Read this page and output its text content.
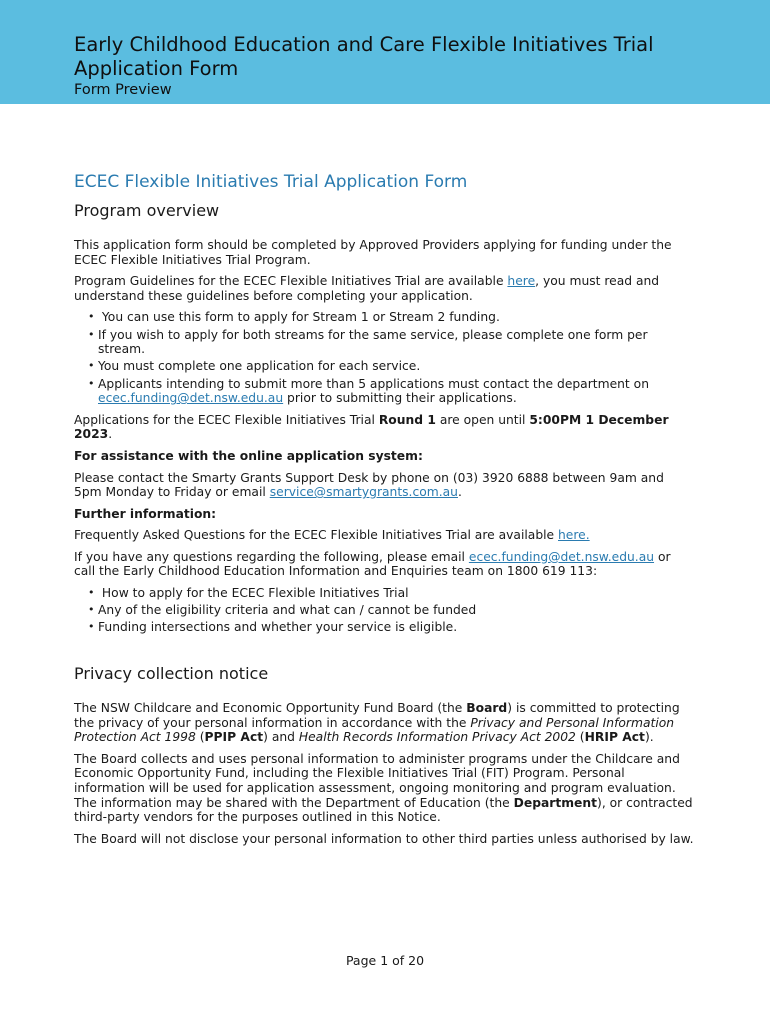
Early Childhood Education and Care Flexible Initiatives Trial Application Form
Form Preview
ECEC Flexible Initiatives Trial Application Form
Program overview

This application form should be completed by Approved Providers applying for funding under the ECEC Flexible Initiatives Trial Program.

Program Guidelines for the ECEC Flexible Initiatives Trial are available here, you must read and understand these guidelines before completing your application.

• You can use this form to apply for Stream 1 or Stream 2 funding.
• If you wish to apply for both streams for the same service, please complete one form per stream.
• You must complete one application for each service.
• Applicants intending to submit more than 5 applications must contact the department on ecec.funding@det.nsw.edu.au prior to submitting their applications.

Applications for the ECEC Flexible Initiatives Trial Round 1 are open until 5:00PM 1 December 2023.

For assistance with the online application system:

Please contact the Smarty Grants Support Desk by phone on (03) 3920 6888 between 9am and 5pm Monday to Friday or email service@smartygrants.com.au.

Further information:

Frequently Asked Questions for the ECEC Flexible Initiatives Trial are available here.

If you have any questions regarding the following, please email ecec.funding@det.nsw.edu.au or call the Early Childhood Education Information and Enquiries team on 1800 619 113:

• How to apply for the ECEC Flexible Initiatives Trial
• Any of the eligibility criteria and what can / cannot be funded
• Funding intersections and whether your service is eligible.
Privacy collection notice

The NSW Childcare and Economic Opportunity Fund Board (the Board) is committed to protecting the privacy of your personal information in accordance with the Privacy and Personal Information Protection Act 1998 (PPIP Act) and Health Records Information Privacy Act 2002 (HRIP Act).

The Board collects and uses personal information to administer programs under the Childcare and Economic Opportunity Fund, including the Flexible Initiatives Trial (FIT) Program. Personal information will be used for application assessment, ongoing monitoring and program evaluation. The information may be shared with the Department of Education (the Department), or contracted third-party vendors for the purposes outlined in this Notice.

The Board will not disclose your personal information to other third parties unless authorised by law.

Page 1 of 20
